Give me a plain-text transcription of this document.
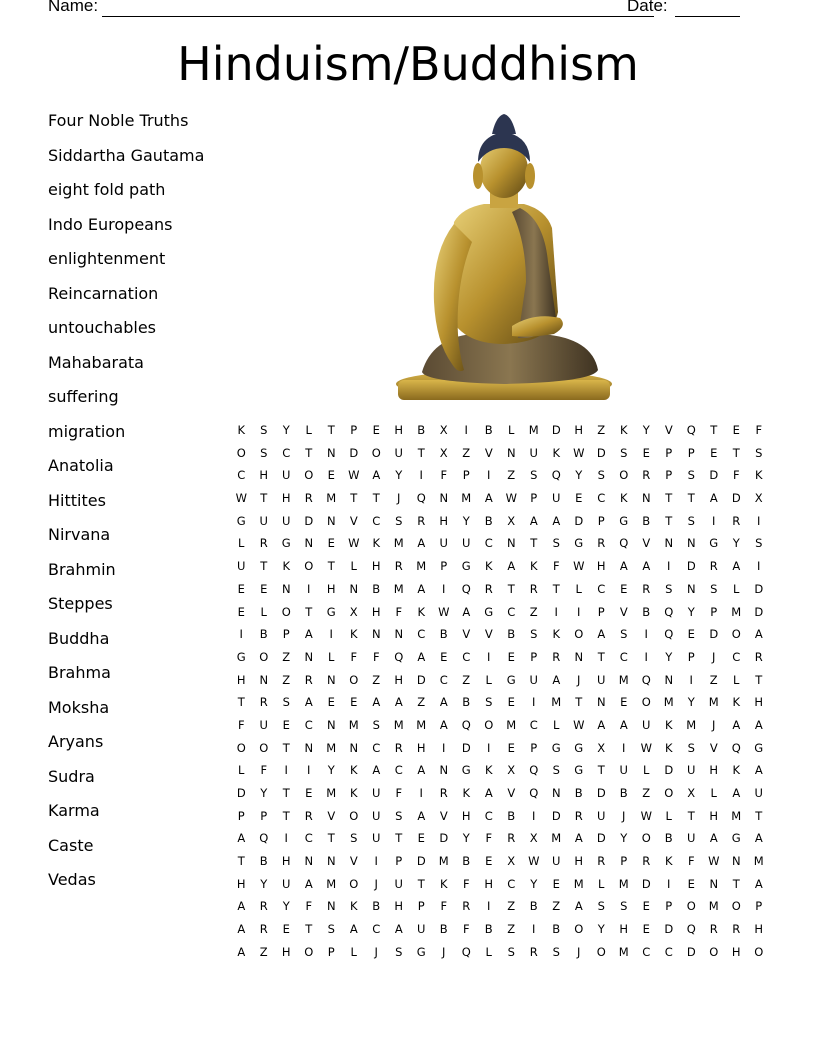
Name:	Date:
Hinduism/Buddhism
Four Noble Truths
Siddartha Gautama
eight fold path
Indo Europeans
enlightenment
Reincarnation
untouchables
Mahabarata
suffering
migration
Anatolia
Hittites
Nirvana
Brahmin
Steppes
Buddha
Brahma
Moksha
Aryans
Sudra
Karma
Caste
Vedas
K	S	Y	L	T	P	E	H	B	X	I	B	L	M	D	H	Z	K	Y	V	Q	T	E	F
O	S	C	T	N	D	O	U	T	X	Z	V	N	U	K	W	D	S	E	P	P	E	T	S
C	H	U	O	E	W	A	Y	I	F	P	I	Z	S	Q	Y	S	O	R	P	S	D	F	K
W	T	H	R	M	T	T	J	Q	N	M	A	W	P	U	E	C	K	N	T	T	A	D	X
G	U	U	D	N	V	C	S	R	H	Y	B	X	A	A	D	P	G	B	T	S	I	R	I
L	R	G	N	E	W	K	M	A	U	U	C	N	T	S	G	R	Q	V	N	N	G	Y	S
U	T	K	O	T	L	H	R	M	P	G	K	A	K	F	W	H	A	A	I	D	R	A	I
E	E	N	I	H	N	B	M	A	I	Q	R	T	R	T	L	C	E	R	S	N	S	L	D
E	L	O	T	G	X	H	F	K	W	A	G	C	Z	I	I	P	V	B	Q	Y	P	M	D
I	B	P	A	I	K	N	N	C	B	V	V	B	S	K	O	A	S	I	Q	E	D	O	A
G	O	Z	N	L	F	F	Q	A	E	C	I	E	P	R	N	T	C	I	Y	P	J	C	R
H	N	Z	R	N	O	Z	H	D	C	Z	L	G	U	A	J	U	M	Q	N	I	Z	L	T
T	R	S	A	E	E	A	A	Z	A	B	S	E	I	M	T	N	E	O	M	Y	M	K	H
F	U	E	C	N	M	S	M	M	A	Q	O	M	C	L	W	A	A	U	K	M	J	A	A
O	O	T	N	M	N	C	R	H	I	D	I	E	P	G	G	X	I	W	K	S	V	Q	G
L	F	I	I	Y	K	A	C	A	N	G	K	X	Q	S	G	T	U	L	D	U	H	K	A
D	Y	T	E	M	K	U	F	I	R	K	A	V	Q	N	B	D	B	Z	O	X	L	A	U
P	P	T	R	V	O	U	S	A	V	H	C	B	I	D	R	U	J	W	L	T	H	M	T
A	Q	I	C	T	S	U	T	E	D	Y	F	R	X	M	A	D	Y	O	B	U	A	G	A
T	B	H	N	N	V	I	P	D	M	B	E	X	W	U	H	R	P	R	K	F	W	N	M
H	Y	U	A	M	O	J	U	T	K	F	H	C	Y	E	M	L	M	D	I	E	N	T	A
A	R	Y	F	N	K	B	H	P	F	R	I	Z	B	Z	A	S	S	E	P	O	M	O	P
A	R	E	T	S	A	C	A	U	B	F	B	Z	I	B	O	Y	H	E	D	Q	R	R	H
A	Z	H	O	P	L	J	S	G	J	Q	L	S	R	S	J	O	M	C	C	D	O	H	O
